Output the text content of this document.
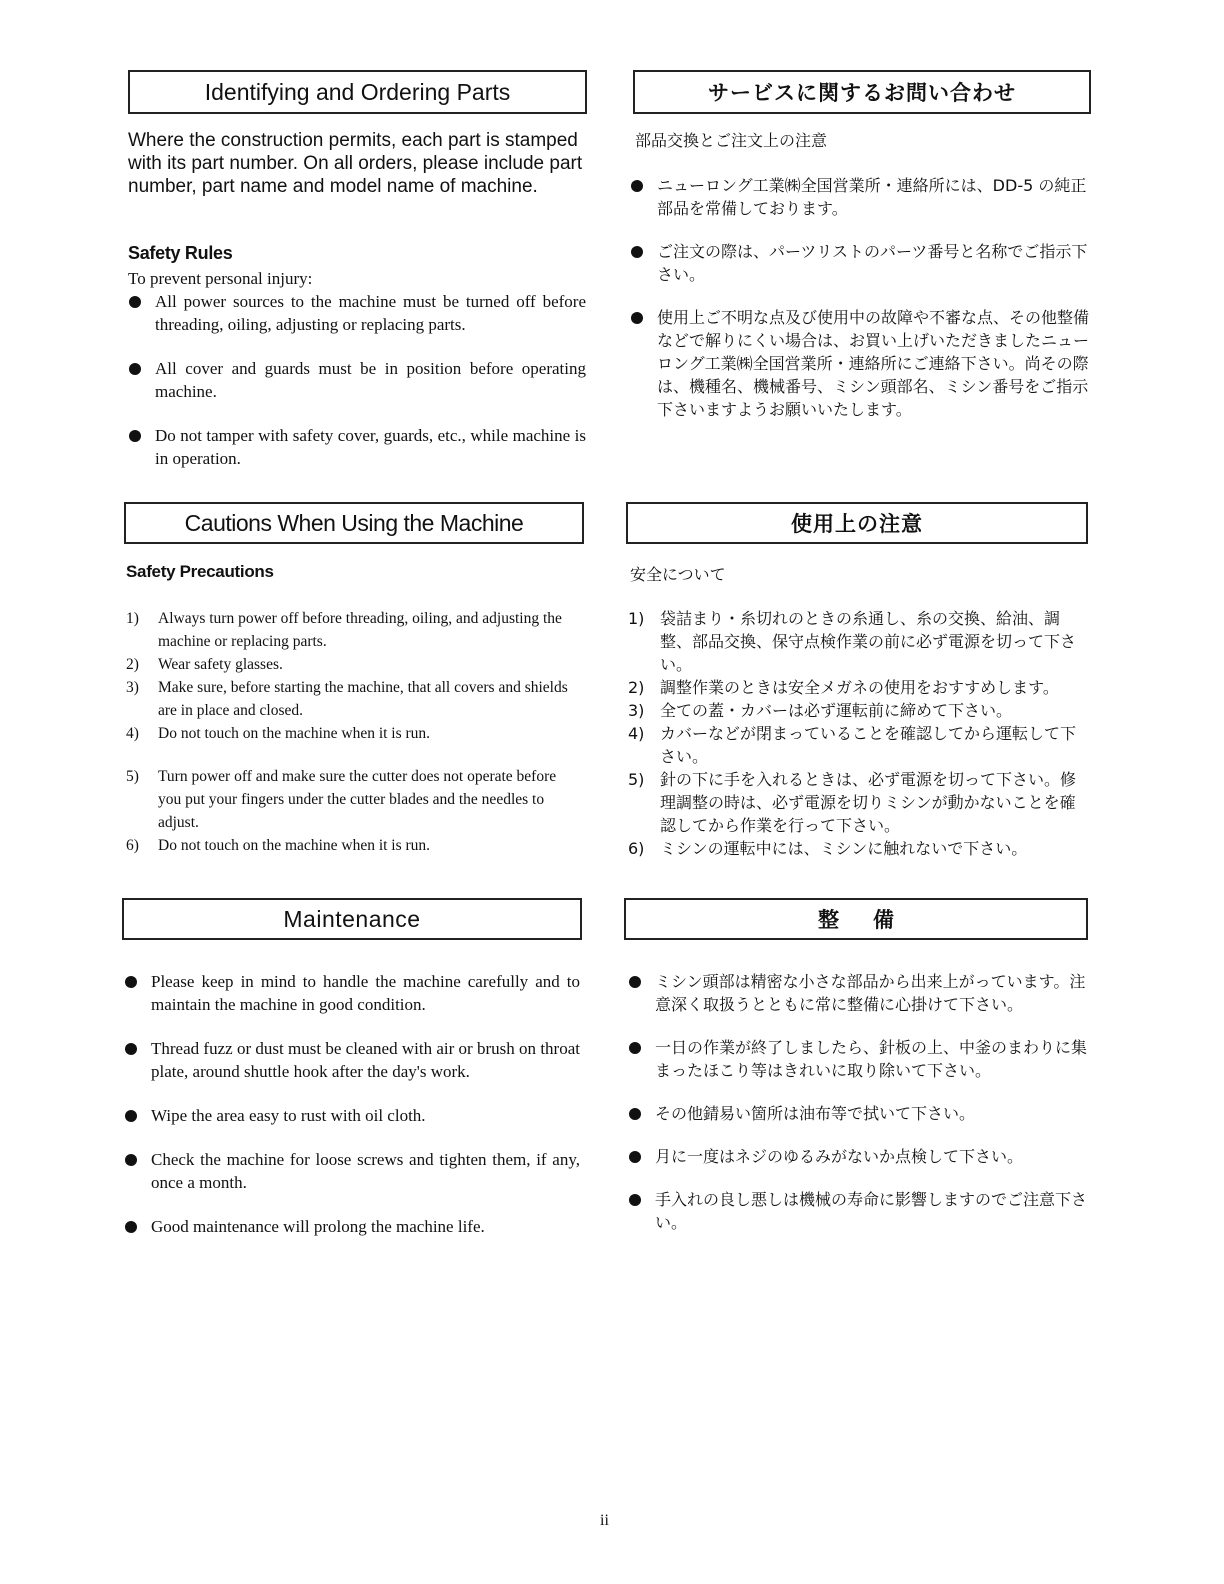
Identifying and Ordering Parts
Where the construction permits, each part is stamped with its part number. On all orders, please include part number, part name and model name of machine.
Safety Rules
To prevent personal injury:
All power sources to the machine must be turned off before threading, oiling, adjusting or replacing parts.
All cover and guards must be in position before operating machine.
Do not tamper with safety cover, guards, etc., while machine is in operation.
サービスに関するお問い合わせ
部品交換とご注文上の注意
ニューロング工業㈱全国営業所・連絡所には、DD-5 の純正部品を常備しております。
ご注文の際は、パーツリストのパーツ番号と名称でご指示下さい。
使用上ご不明な点及び使用中の故障や不審な点、その他整備などで解りにくい場合は、お買い上げいただきましたニューロング工業㈱全国営業所・連絡所にご連絡下さい。尚その際は、機種名、機械番号、ミシン頭部名、ミシン番号をご指示下さいますようお願いいたします。
Cautions When Using the Machine
Safety Precautions
1) Always turn power off before threading, oiling, and adjusting the machine or replacing parts.
2) Wear safety glasses.
3) Make sure, before starting the machine, that all covers and shields are in place and closed.
4) Do not touch on the machine when it is run.
5) Turn power off and make sure the cutter does not operate before you put your fingers under the cutter blades and the needles to adjust.
6) Do not touch on the machine when it is run.
使用上の注意
安全について
1) 袋詰まり・糸切れのときの糸通し、糸の交換、給油、調整、部品交換、保守点検作業の前に必ず電源を切って下さい。
2) 調整作業のときは安全メガネの使用をおすすめします。
3) 全ての蓋・カバーは必ず運転前に締めて下さい。
4) カバーなどが閉まっていることを確認してから運転して下さい。
5) 針の下に手を入れるときは、必ず電源を切って下さい。修理調整の時は、必ず電源を切りミシンが動かないことを確認してから作業を行って下さい。
6) ミシンの運転中には、ミシンに触れないで下さい。
Maintenance
Please keep in mind to handle the machine carefully and to maintain the machine in good condition.
Thread fuzz or dust must be cleaned with air or brush on throat plate, around shuttle hook after the day's work.
Wipe the area easy to rust with oil cloth.
Check the machine for loose screws and tighten them, if any, once a month.
Good maintenance will prolong the machine life.
整備
ミシン頭部は精密な小さな部品から出来上がっています。注意深く取扱うとともに常に整備に心掛けて下さい。
一日の作業が終了しましたら、針板の上、中釜のまわりに集まったほこり等はきれいに取り除いて下さい。
その他錆易い箇所は油布等で拭いて下さい。
月に一度はネジのゆるみがないか点検して下さい。
手入れの良し悪しは機械の寿命に影響しますのでご注意下さい。
ii
